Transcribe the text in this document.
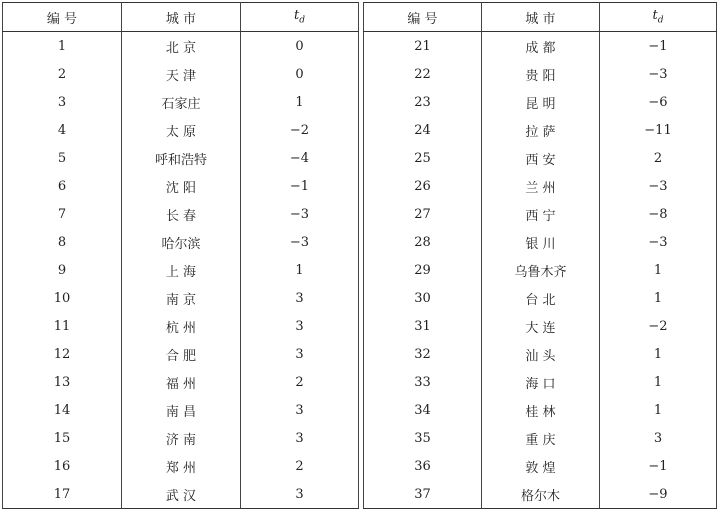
编 号	城 市	$t_d$
1	北 京	0
2	天 津	0
3	石家庄	1
4	太 原	−2
5	呼和浩特	−4
6	沈 阳	−1
7	长 春	−3
8	哈尔滨	−3
9	上 海	1
10	南 京	3
11	杭 州	3
12	合 肥	3
13	福 州	2
14	南 昌	3
15	济 南	3
16	郑 州	2
17	武 汉	3
编 号	城 市	$t_d$
21	成 都	−1
22	贵 阳	−3
23	昆 明	−6
24	拉 萨	−11
25	西 安	2
26	兰 州	−3
27	西 宁	−8
28	银 川	−3
29	乌鲁木齐	1
30	台 北	1
31	大 连	−2
32	汕 头	1
33	海 口	1
34	桂 林	1
35	重 庆	3
36	敦 煌	−1
37	格尔木	−9
